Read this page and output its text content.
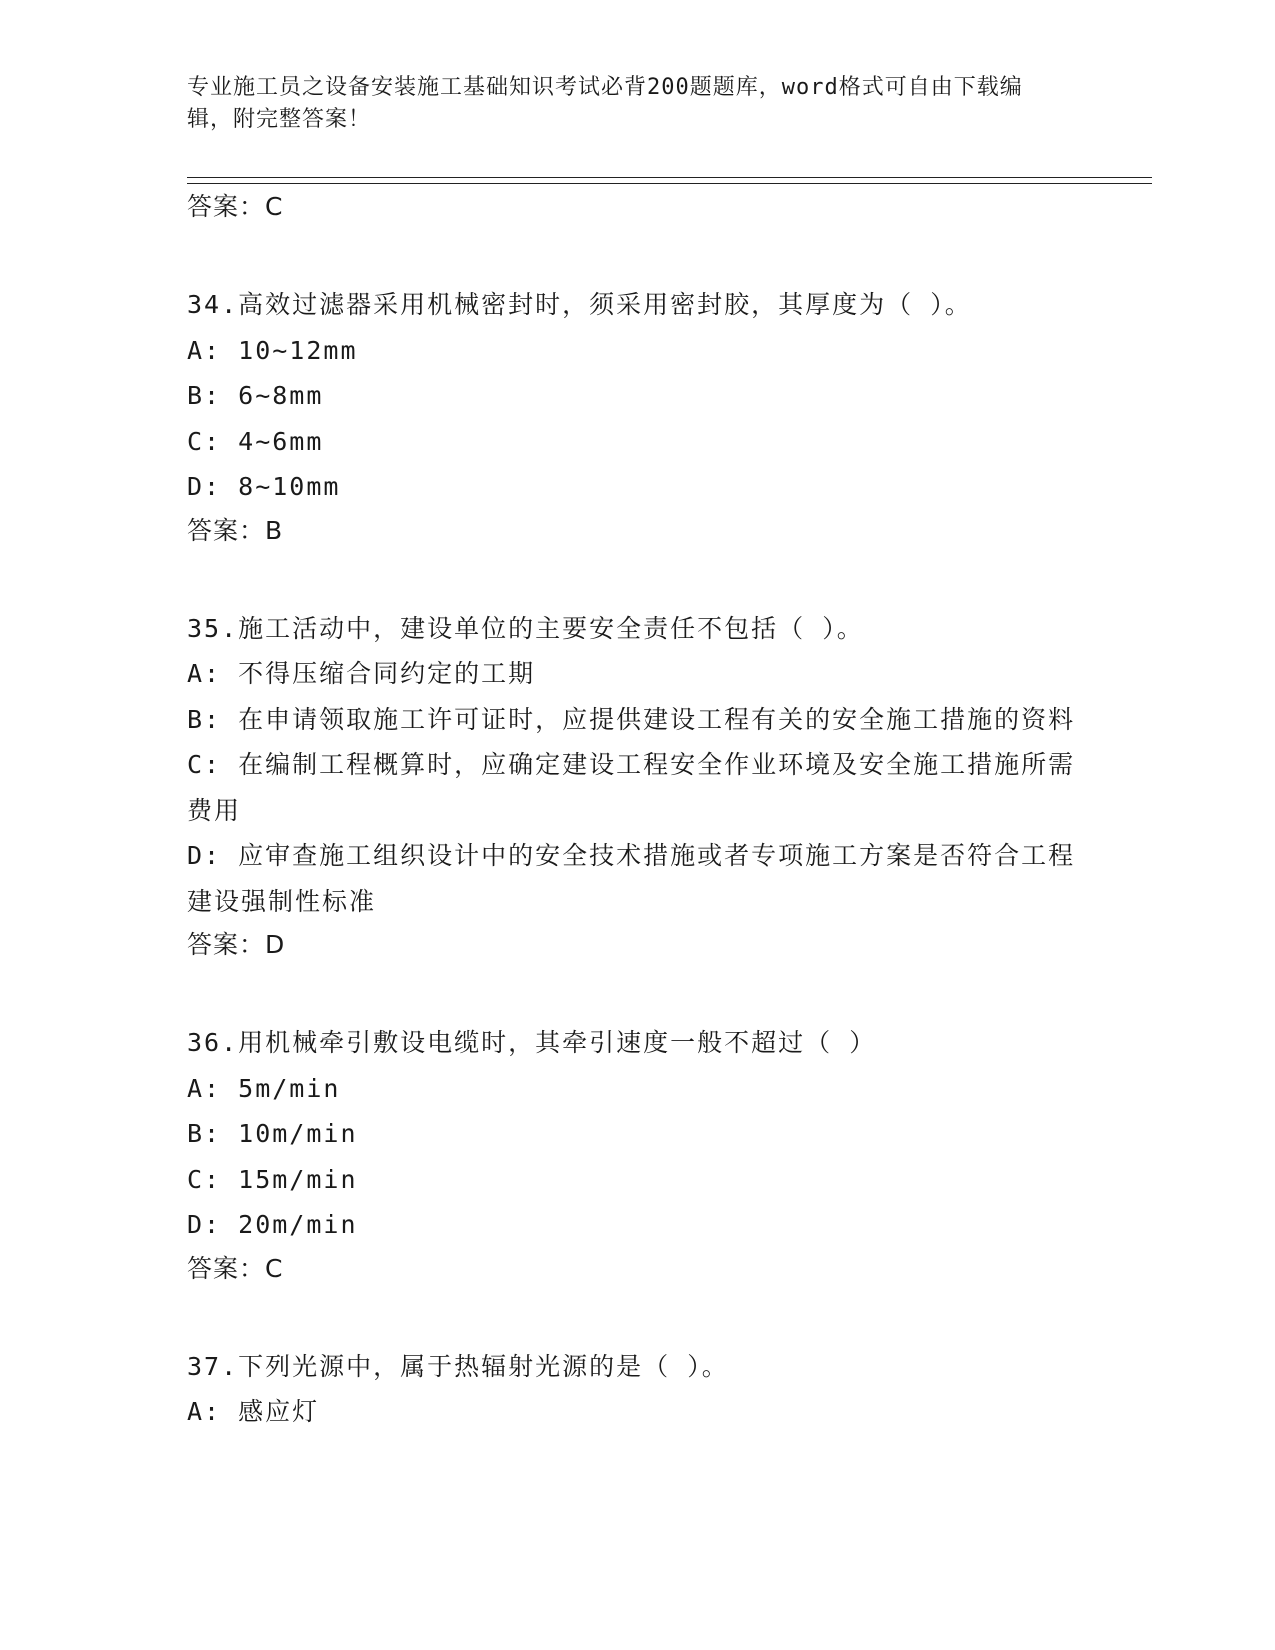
专业施工员之设备安装施工基础知识考试必背200题题库，word格式可自由下载编辑，附完整答案！

答案：C

34.高效过滤器采用机械密封时，须采用密封胶，其厚度为（ ）。

A: 10~12mm

B: 6~8mm

C: 4~6mm

D: 8~10mm

答案：B

35.施工活动中，建设单位的主要安全责任不包括（ ）。

A: 不得压缩合同约定的工期

B: 在申请领取施工许可证时，应提供建设工程有关的安全施工措施的资料

C: 在编制工程概算时，应确定建设工程安全作业环境及安全施工措施所需费用

D: 应审查施工组织设计中的安全技术措施或者专项施工方案是否符合工程建设强制性标准

答案：D

36.用机械牵引敷设电缆时，其牵引速度一般不超过（ ）

A: 5m/min

B: 10m/min

C: 15m/min

D: 20m/min

答案：C

37.下列光源中，属于热辐射光源的是（ ）。

A: 感应灯
